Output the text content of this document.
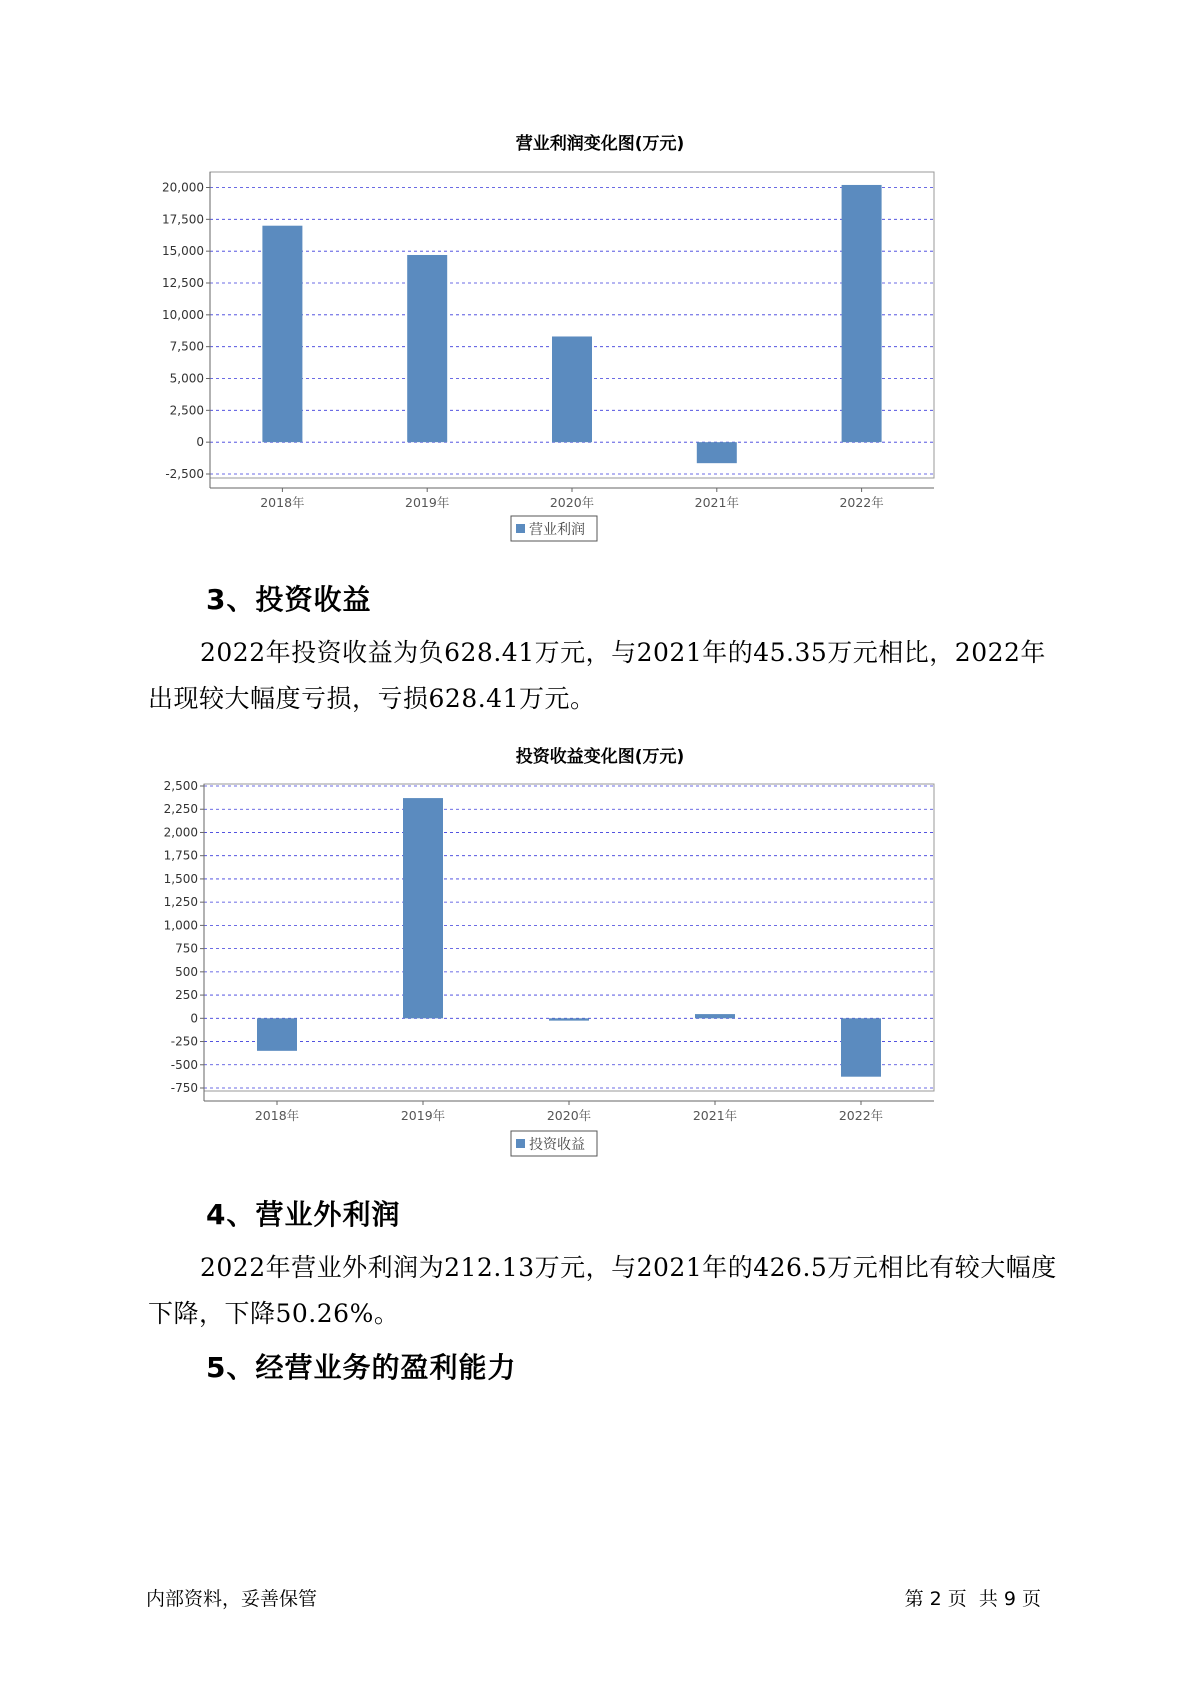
营业利润变化图(万元)
20,000
17,500
15,000
12,500
10,000
7,500
5,000
2,500
0
-2,500
2018年	2019年	2020年	2021年	2022年
营业利润
3、投资收益

2022年投资收益为负628.41万元，与2021年的45.35万元相比，2022年出现较大幅度亏损，亏损628.41万元。

投资收益变化图(万元)
2,500
2,250
2,000
1,750
1,500
1,250
1,000
750
500
250
0
-250
-500
-750
2018年	2019年	2020年	2021年	2022年
投资收益
4、营业外利润

2022年营业外利润为212.13万元，与2021年的426.5万元相比有较大幅度下降，下降50.26%。

5、经营业务的盈利能力
内部资料，妥善保管	第 2 页  共 9 页
